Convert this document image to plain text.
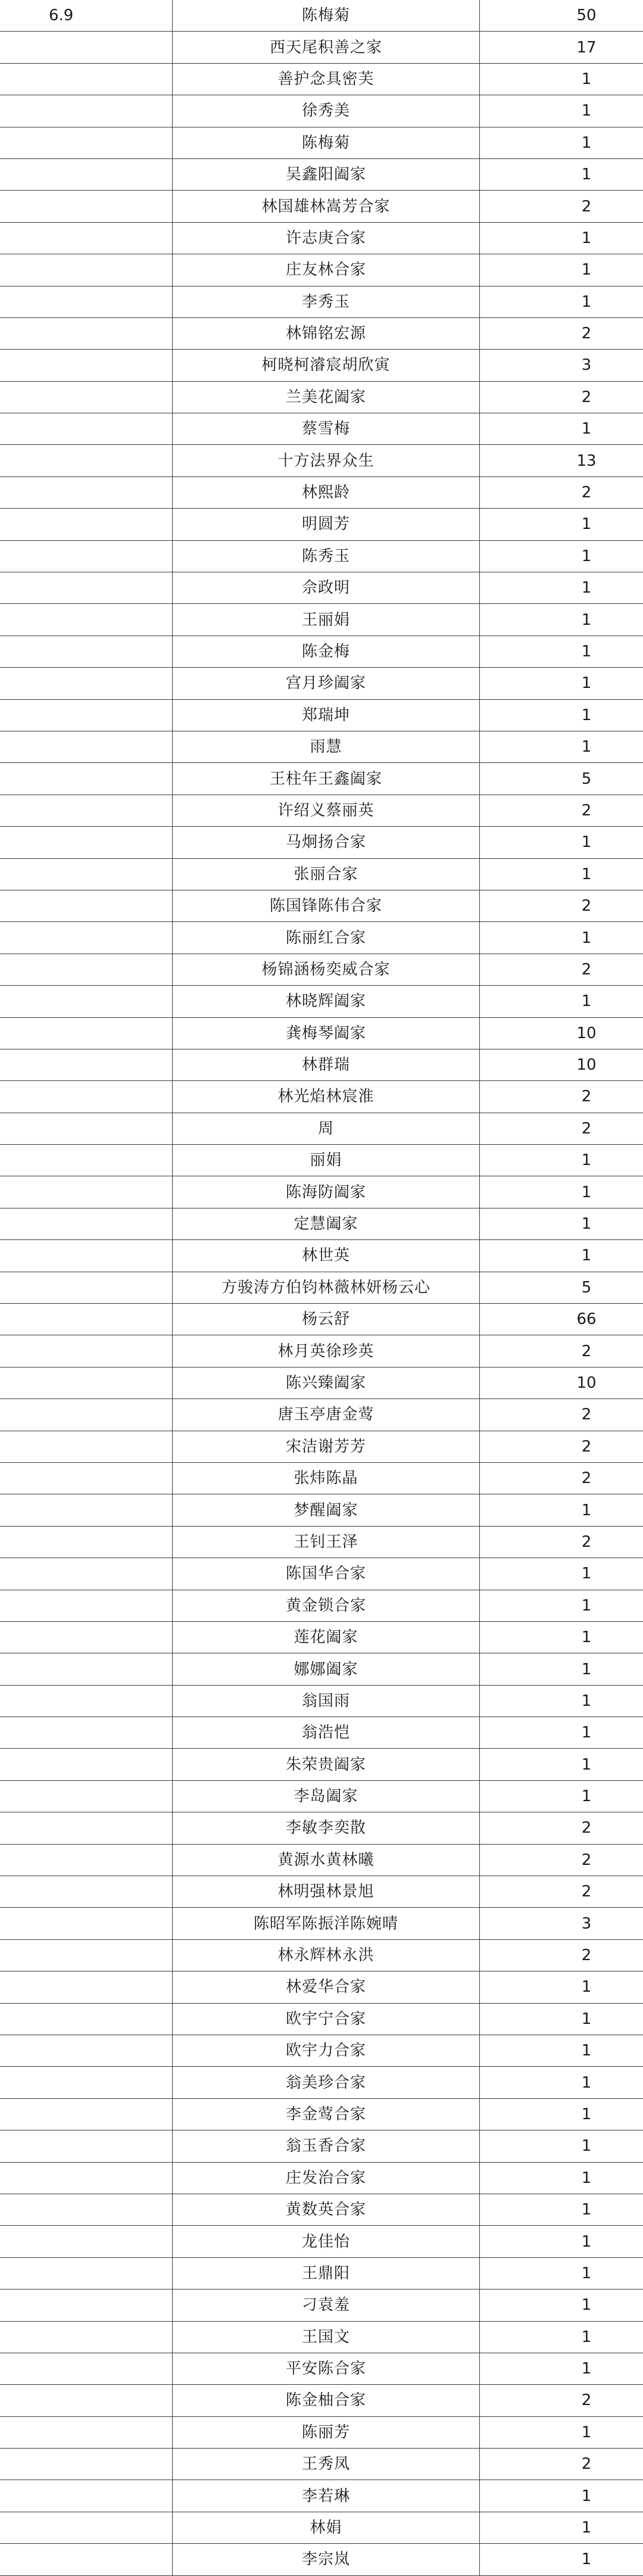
6.9	陈梅菊	50
	西天尾积善之家	17
	善护念具密芙	1
	徐秀美	1
	陈梅菊	1
	吴鑫阳阖家	1
	林国雄林嵩芳合家	2
	许志庚合家	1
	庄友林合家	1
	李秀玉	1
	林锦铭宏源	2
	柯晓柯濬宸胡欣寅	3
	兰美花阖家	2
	蔡雪梅	1
	十方法界众生	13
	林熙龄	2
	明圆芳	1
	陈秀玉	1
	佘政明	1
	王丽娟	1
	陈金梅	1
	宫月珍阖家	1
	郑瑞坤	1
	雨慧	1
	王柱年王鑫阖家	5
	许绍义蔡丽英	2
	马炯扬合家	1
	张丽合家	1
	陈国锋陈伟合家	2
	陈丽红合家	1
	杨锦涵杨奕威合家	2
	林晓辉阖家	1
	龚梅琴阖家	10
	林群瑞	10
	林光焰林宸淮	2
	周	2
	丽娟	1
	陈海防阖家	1
	定慧阖家	1
	林世英	1
	方骏涛方伯钧林薇林妍杨云心	5
	杨云舒	66
	林月英徐珍英	2
	陈兴臻阖家	10
	唐玉亭唐金莺	2
	宋洁谢芳芳	2
	张炜陈晶	2
	梦醒阖家	1
	王钊王泽	2
	陈国华合家	1
	黄金锁合家	1
	莲花阖家	1
	娜娜阖家	1
	翁国雨	1
	翁浩恺	1
	朱荣贵阖家	1
	李岛阖家	1
	李敏李奕散	2
	黄源水黄林曦	2
	林明强林景旭	2
	陈昭军陈振洋陈婉晴	3
	林永辉林永洪	2
	林爱华合家	1
	欧宇宁合家	1
	欧宇力合家	1
	翁美珍合家	1
	李金莺合家	1
	翁玉香合家	1
	庄发治合家	1
	黄数英合家	1
	龙佳怡	1
	王鼎阳	1
	刁袁羞	1
	王国文	1
	平安陈合家	1
	陈金柚合家	2
	陈丽芳	1
	王秀凤	2
	李若琳	1
	林娟	1
	李宗岚	1
